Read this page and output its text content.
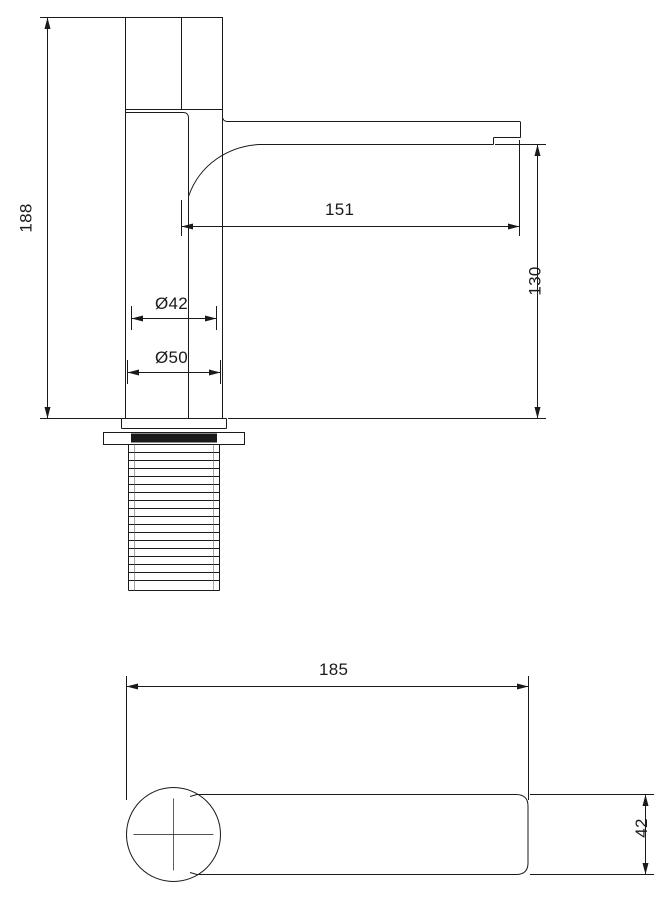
188	151
130
Ø42
Ø50
185
42
